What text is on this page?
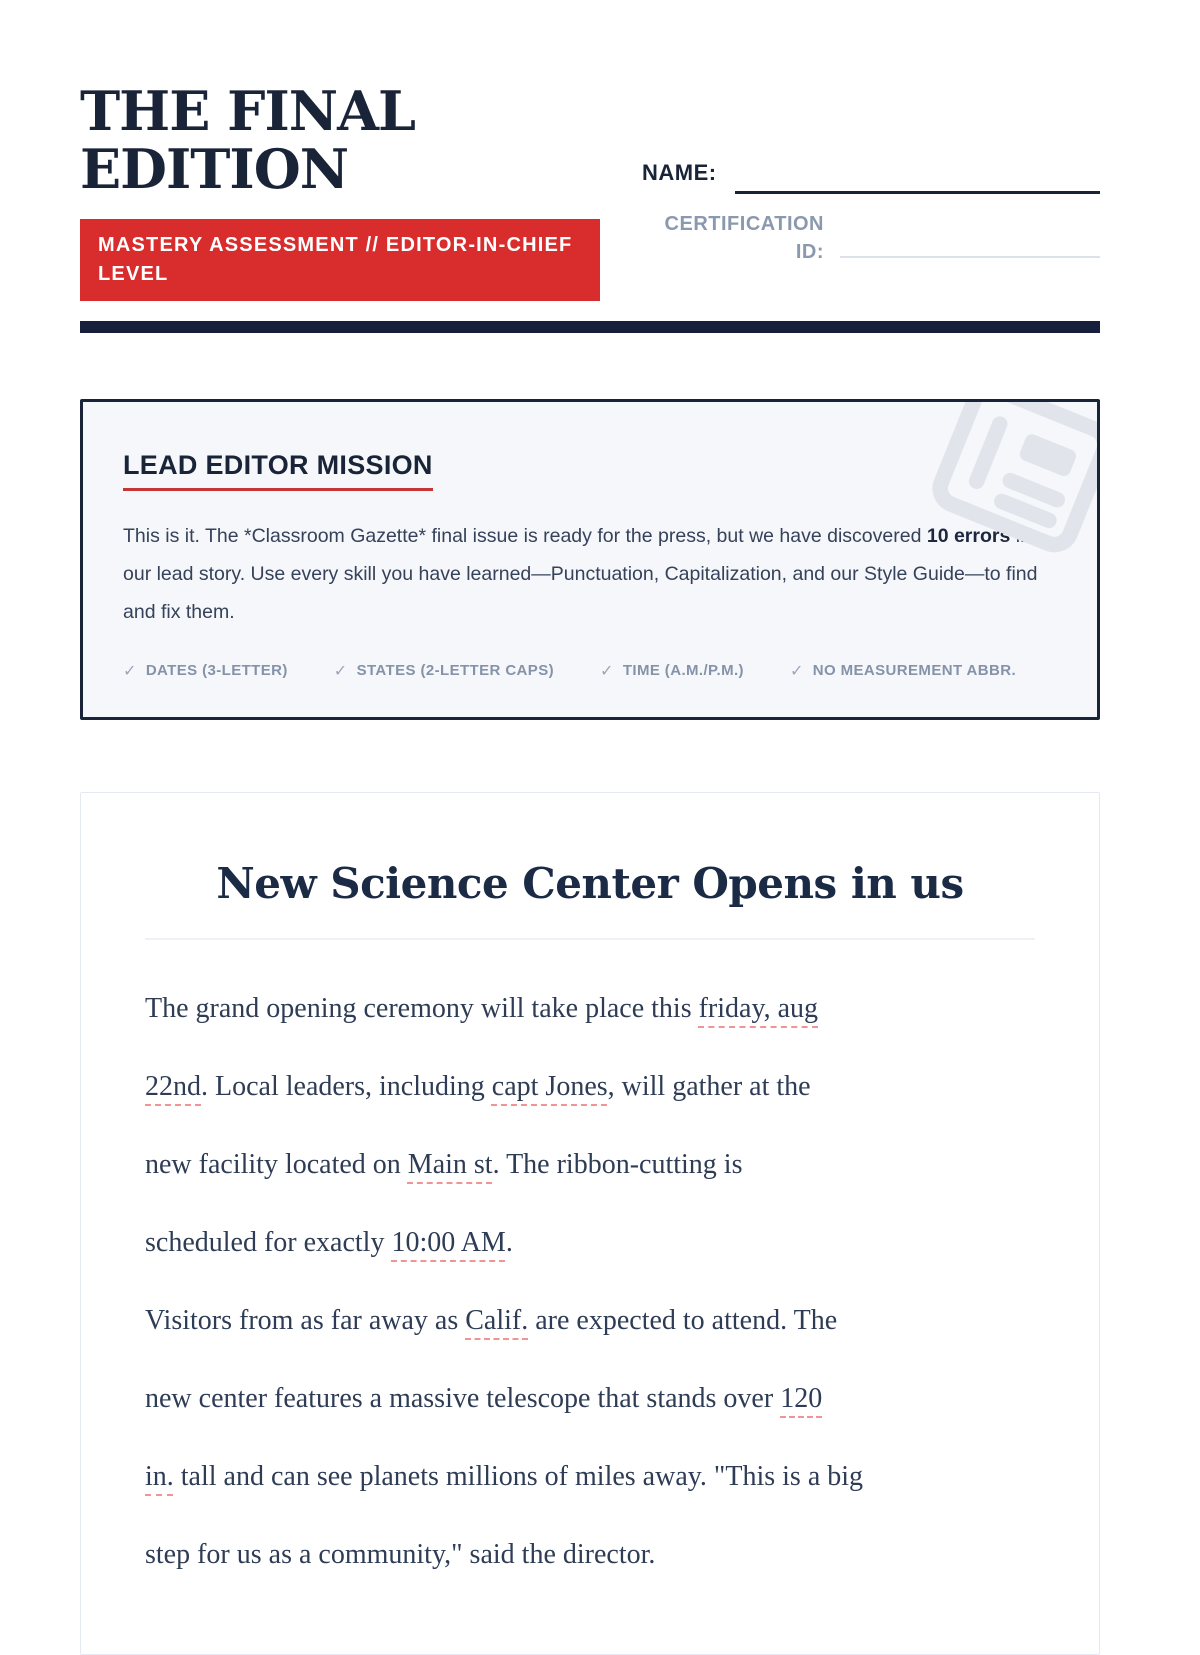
THE FINAL EDITION
MASTERY ASSESSMENT // EDITOR-IN-CHIEF LEVEL
NAME:
CERTIFICATION ID:
LEAD EDITOR MISSION

This is it. The *Classroom Gazette* final issue is ready for the press, but we have discovered 10 errors in our lead story. Use every skill you have learned—Punctuation, Capitalization, and our Style Guide—to find and fix them.

✓ DATES (3-LETTER)	✓ STATES (2-LETTER CAPS)	✓ TIME (A.M./P.M.)	✓ NO MEASUREMENT ABBR.
New Science Center Opens in us

The grand opening ceremony will take place this friday, aug
22nd. Local leaders, including capt Jones, will gather at the
new facility located on Main st. The ribbon-cutting is
scheduled for exactly 10:00 AM.

Visitors from as far away as Calif. are expected to attend. The
new center features a massive telescope that stands over 120
in. tall and can see planets millions of miles away. "This is a big
step for us as a community," said the director.
